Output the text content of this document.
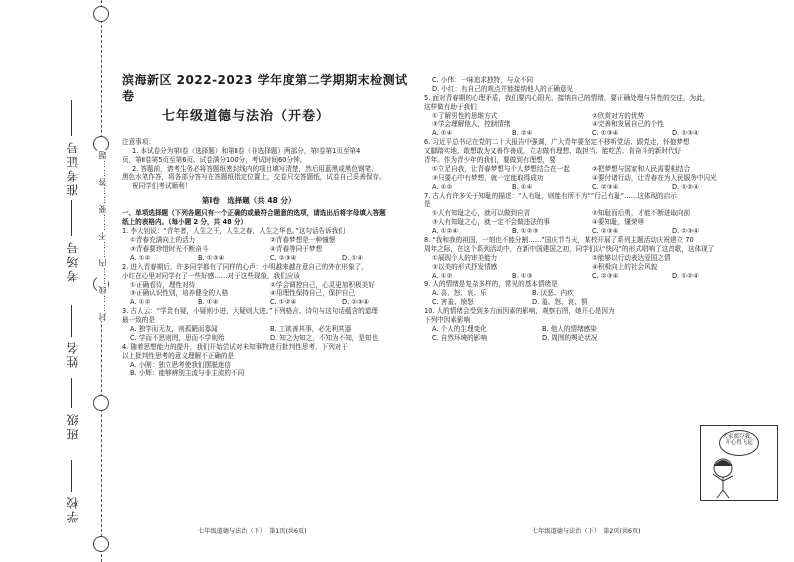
封……线……内……不……要……答……题
准考证号
考场号
姓名
班级
学校
滨海新区 2022-2023 学年度第二学期期末检测试卷
七年级道德与法治（开卷）
注意事项：
1. 本试卷分为第Ⅰ卷（选择题）和第Ⅱ卷（非选择题）两部分，第Ⅰ卷第1页至第4
页，第Ⅱ卷第5页至第6页。试卷满分100分，考试时间60分钟。
2. 答题前，请考生务必将答题纸密封线内的项目填写清楚，然后用蓝黑或黑色钢笔、
黑色水笔作答，将各部分答写在答题纸指定位置上，交卷只交答题纸，试卷自己妥善保存。
祝同学们考试顺利！
第Ⅰ卷　选择题（共 48 分）
一、单项选择题（下列各题只有一个正确的或最符合题意的选项，请选出后将字母填入答题
纸上的表格内。（每小题 2 分，共 48 分）
1. 李大钊说：“青年者，人生之王，人生之春，人生之华也。”这句话告诉我们
①青春充满向上的活力	②青春梦想是一种憧憬
③青春要珍惜时光不断奋斗	④青春等同于梦想
A. ①②	B. ①③④	C. ②③④	D. ①④
2. 进入青春期后，许多同学都有了同样的心声：小明越来越在意自己的外在形象了，
小红在心里对同学有了一些好感……对于这些现象，我们应该
①正确看待，理性对待	②学会调控自己，心灵更加积极美好
③正确认识性别，培养健全的人格	④用理性保持自己，保护自己
A. ①②	B. ①④	C. ①②④	D. ②③④
3. 古人云：“学贵有疑，小疑则小进，大疑则大进。”下列格言、诗句与这句话蕴含的道理
最一致的是
A. 独学而无友，则孤陋而寡闻	B. 工欲善其事，必先利其器
C. 学而不思则罔，思而不学则殆	D. 知之为知之，不知为不知，是知也
4. 随着思想能力的提升，我们开始尝试对未知事物进行批判性思考，下列对于
以上批判性思考的意义理解不正确的是
A. 小刚：独立思考使我们摆脱迷信
B. 小辉：能够辨别主流与非主流的不同
七年级道德与法治（下）　第1页(共6页)
C. 小伟：一味追求独特，与众不同
D. 小红：有自己的观点并能接纳他人的正确意见
5. 面对青春期的心理矛盾，我们要内心阳光，接纳自己的情绪，要正确处理与异性的交往，为此，
这样做有助于我们
①了解男性的思维方式	②欣赏对方的优势
③学会理解他人，控制情绪	④完善和发展自己的个性
A. ①④	B. ②④	C. ①③④	D. ②③④
6. 习近平总书记在党的二十大报告中强调，广大青年要坚定不移听党话、跟党走，怀抱梦想
又脚踏实地，敢想敢为又善作善成，立志做有理想、敢担当、能吃苦、肯奋斗的新时代好
青年。作为青少年的我们，要做到有理想，要
①立足自我，让青春梦想与个人梦想结合在一起	②把梦想与国家和人民需要相结合
③只要心中有梦想，就一定能取得成功	④要付诸行动，让青春在为人民服务中闪光
A. ①②	B. ①④	C. ②③④	D. ①②④
7. 古人有许多关于知耻的描述：“人有耻，则能有所不为”“行己有耻”……这体现的启示
是
①人有知耻之心，就可以做到自省	②知耻而后勇，才能不断进取向前
③人有知耻之心，就一定不会做违法的事	④要知耻，懂荣辱
A. ①②④	B. ①②③	C. ②③④	D. ①③④
8. “我和我的祖国，一刻也不能分割……”国庆节当天，某校开展了系列主题活动庆祝建立 70
周年之际，在这个系列活动中，在新中国建国之初，同学们以“快闪”的形式唱响了这首歌，这体现了
①展现个人的审美能力	②能够以行动表达爱国之情
③以美的形式抒发情感	④积极向上的社会风貌
A. ①②	B. ①③	C. ②③④	D. ①②④
9. 人的情绪是复杂多样的，常见的基本情绪是
A. 喜、怒、哀、乐	B. 厌恶、内疚
C. 害羞、愤怒	D. 羞、怒、哀、惧
10. 人的情绪会受到多方面因素的影响，观察右图，她开心是因为
下列中因素影响
A. 个人的生理变化	B. 他人的情绪感染
C. 自然环境的影响	D. 周围的舆论状况
大家都夸我，开心得飞起
七年级道德与法治（下）　第2页(共6页)
